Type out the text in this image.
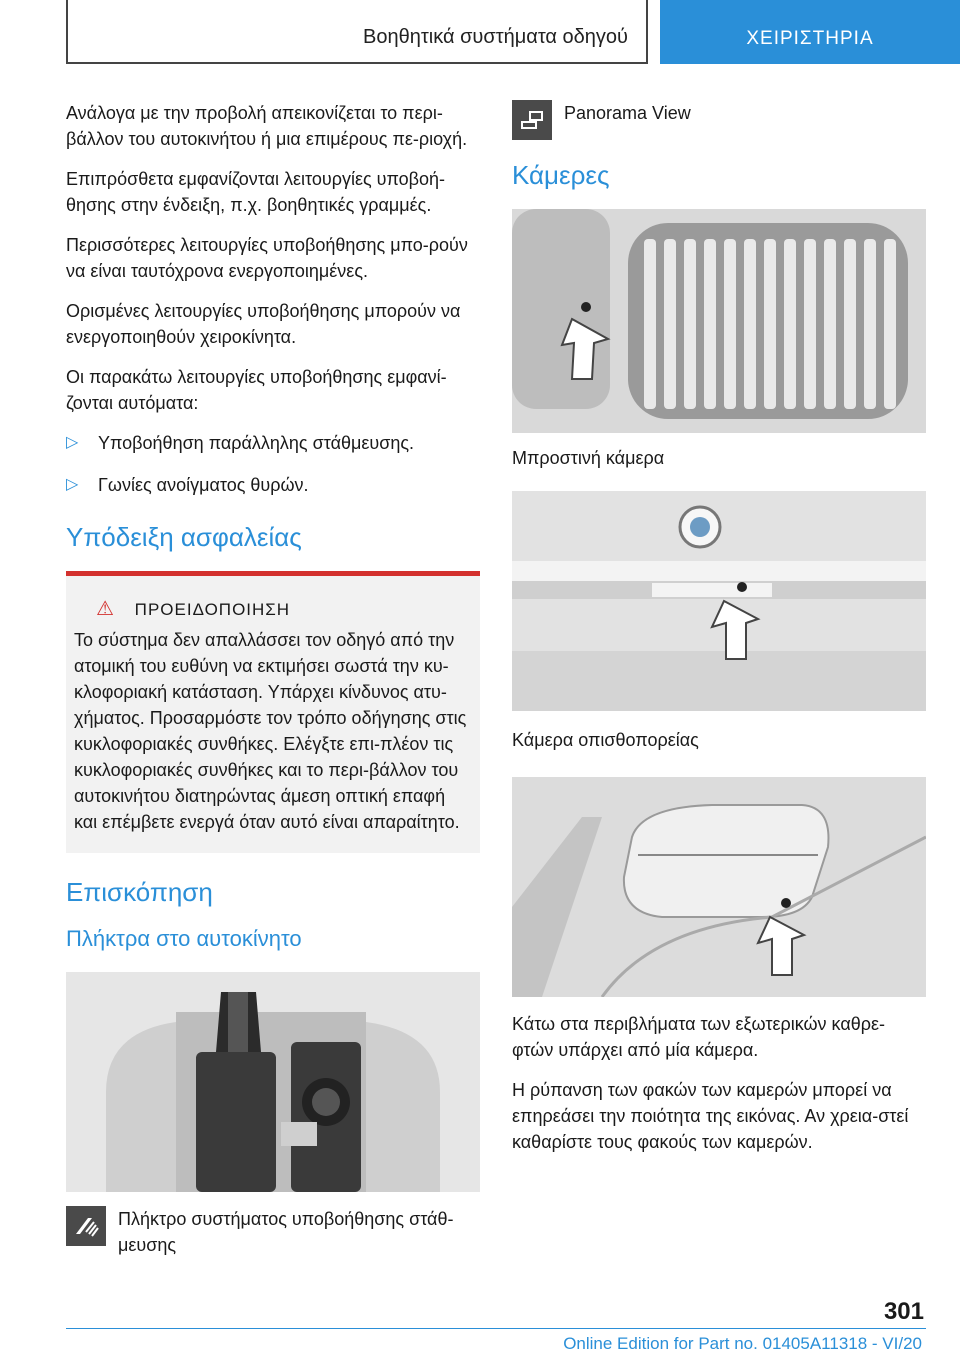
Βοηθητικά συστήματα οδηγού	ΧΕΙΡΙΣΤΗΡΙΑ

Ανάλογα με την προβολή απεικονίζεται το περι-βάλλον του αυτοκινήτου ή μια επιμέρους πε-ριοχή.

Επιπρόσθετα εμφανίζονται λειτουργίες υποβοή-θησης στην ένδειξη, π.χ. βοηθητικές γραμμές.

Περισσότερες λειτουργίες υποβοήθησης μπο-ρούν να είναι ταυτόχρονα ενεργοποιημένες.

Ορισμένες λειτουργίες υποβοήθησης μπορούν να ενεργοποιηθούν χειροκίνητα.

Οι παρακάτω λειτουργίες υποβοήθησης εμφανί-ζονται αυτόματα:

▷ Υποβοήθηση παράλληλης στάθμευσης.
▷ Γωνίες ανοίγματος θυρών.
Υπόδειξη ασφαλείας
⚠ ΠΡΟΕΙΔΟΠΟΙΗΣΗ

Το σύστημα δεν απαλλάσσει τον οδηγό από την ατομική του ευθύνη να εκτιμήσει σωστά την κυ-κλοφοριακή κατάσταση. Υπάρχει κίνδυνος ατυ-χήματος. Προσαρμόστε τον τρόπο οδήγησης στις κυκλοφοριακές συνθήκες. Ελέγξτε επι-πλέον τις κυκλοφοριακές συνθήκες και το περι-βάλλον του αυτοκινήτου διατηρώντας άμεση οπτική επαφή και επέμβετε ενεργά όταν αυτό είναι απαραίτητο.

Επισκόπηση
Πλήκτρα στο αυτοκίνητο
Πλήκτρο συστήματος υποβοήθησης στάθ-μευσης
Panorama View
Κάμερες
Μπροστινή κάμερα
Κάμερα οπισθοπορείας
Κάτω στα περιβλήματα των εξωτερικών καθρε-φτών υπάρχει από μία κάμερα.

Η ρύπανση των φακών των καμερών μπορεί να επηρεάσει την ποιότητα της εικόνας. Αν χρεια-στεί καθαρίστε τους φακούς των καμερών.

301
Online Edition for Part no. 01405A11318 - VI/20
